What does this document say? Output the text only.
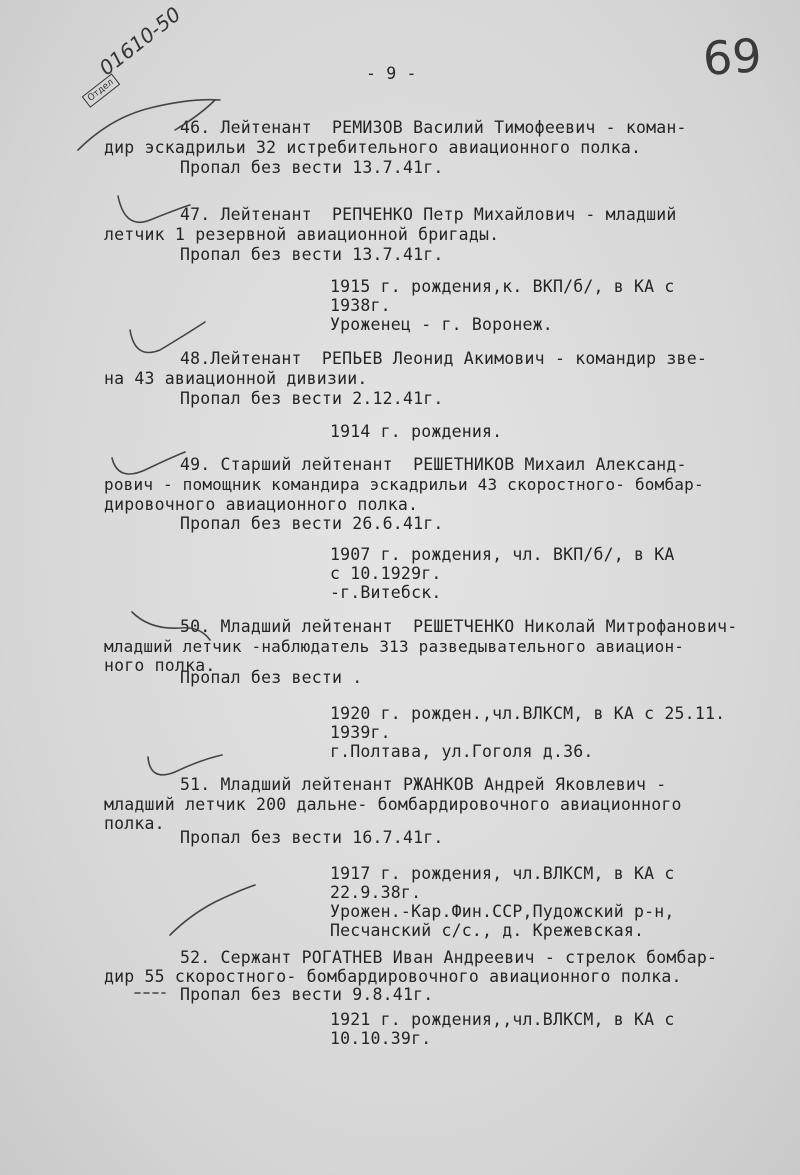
- 9 -	69
Отдел
01610-50
46. Лейтенант  РЕМИЗОВ Василий Тимофеевич - коман-
дир эскадрильи 32 истребительного авиационного полка.
Пропал без вести 13.7.41г.
47. Лейтенант  РЕПЧЕНКО Петр Михайлович - младший
летчик 1 резервной авиационной бригады.
Пропал без вести 13.7.41г.
1915 г. рождения,к. ВКП/б/, в КА с
1938г.
Уроженец - г. Воронеж.
48.Лейтенант  РЕПЬЕВ Леонид Акимович - командир зве-
на 43 авиационной дивизии.
Пропал без вести 2.12.41г.
1914 г. рождения.
49. Старший лейтенант  РЕШЕТНИКОВ Михаил Александ-
рович - помощник командира эскадрильи 43 скоростного- бомбар-
дировочного авиационного полка.
Пропал без вести 26.6.41г.
1907 г. рождения, чл. ВКП/б/, в КА
с 10.1929г.
-г.Витебск.
50. Младший лейтенант  РЕШЕТЧЕНКО Николай Митрофанович-
младший летчик -наблюдатель 313 разведывательного авиацион-
ного полка.
Пропал без вести .
1920 г. рожден.,чл.ВЛКСМ, в КА с 25.11.
1939г.
г.Полтава, ул.Гоголя д.36.
51. Младший лейтенант РЖАНКОВ Андрей Яковлевич -
младший летчик 200 дальне- бомбардировочного авиационного
полка.
Пропал без вести 16.7.41г.
1917 г. рождения, чл.ВЛКСМ, в КА с
22.9.38г.
Урожен.-Кар.Фин.ССР,Пудожский р-н,
Песчанский с/с., д. Крежевская.
52. Сержант РОГАТНЕВ Иван Андреевич - стрелок бомбар-
дир 55 скоростного- бомбардировочного авиационного полка.
Пропал без вести 9.8.41г.
1921 г. рождения,,чл.ВЛКСМ, в КА с
10.10.39г.
